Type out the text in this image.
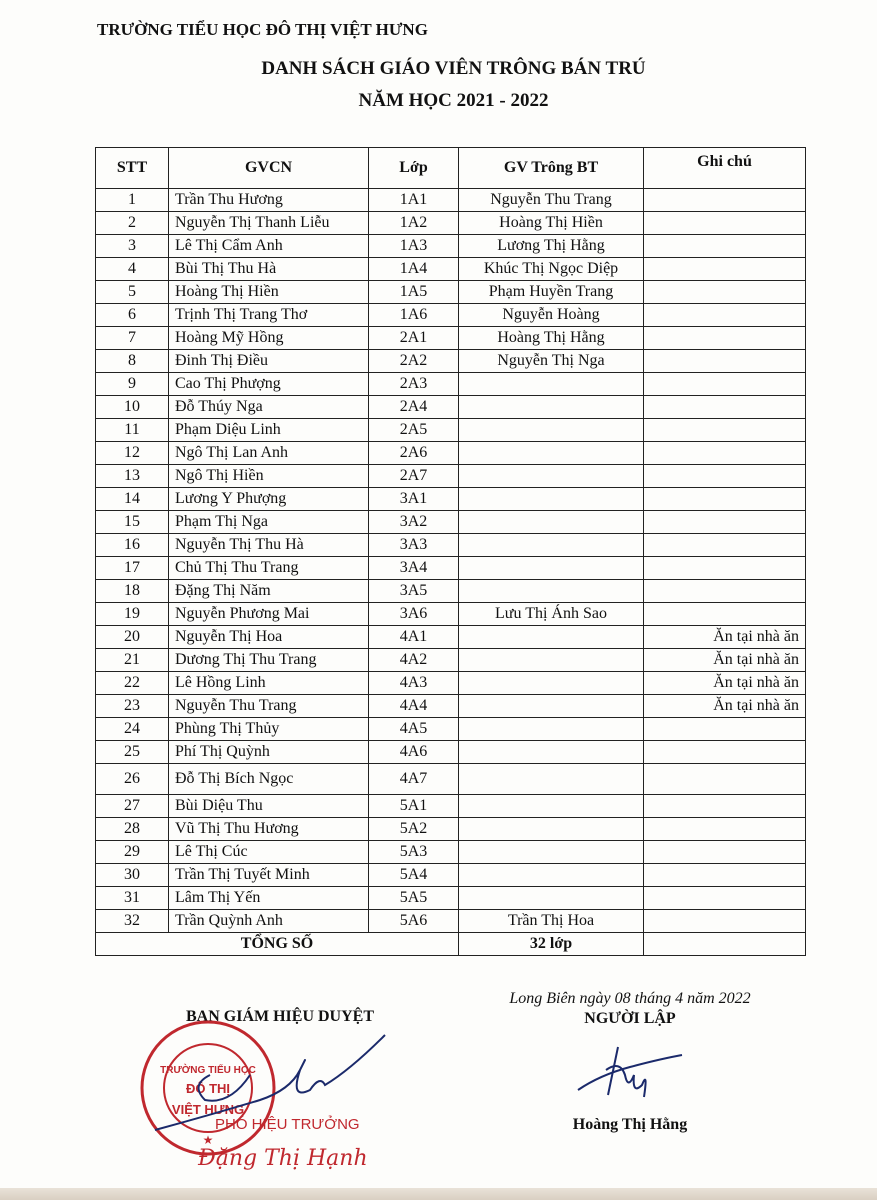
TRƯỜNG TIỂU HỌC ĐÔ THỊ VIỆT HƯNG
DANH SÁCH GIÁO VIÊN TRÔNG BÁN TRÚ
NĂM HỌC 2021 - 2022
STT	GVCN	Lớp	GV Trông BT	Ghi chú
1	Trần Thu Hương	1A1	Nguyễn Thu Trang	
2	Nguyễn Thị Thanh Liễu	1A2	Hoàng Thị Hiền	
3	Lê Thị Cẩm Anh	1A3	Lương Thị Hằng	
4	Bùi Thị Thu Hà	1A4	Khúc Thị Ngọc Diệp	
5	Hoàng Thị Hiền	1A5	Phạm Huyền Trang	
6	Trịnh Thị Trang Thơ	1A6	Nguyễn Hoàng	
7	Hoàng Mỹ Hồng	2A1	Hoàng Thị Hằng	
8	Đinh Thị Điều	2A2	Nguyễn Thị Nga	
9	Cao Thị Phượng	2A3		
10	Đỗ Thúy Nga	2A4		
11	Phạm Diệu Linh	2A5		
12	Ngô Thị Lan Anh	2A6		
13	Ngô Thị Hiền	2A7		
14	Lương Y Phượng	3A1		
15	Phạm Thị Nga	3A2		
16	Nguyễn Thị Thu Hà	3A3		
17	Chủ Thị Thu Trang	3A4		
18	Đặng Thị Năm	3A5		
19	Nguyễn Phương Mai	3A6	Lưu Thị Ánh Sao	
20	Nguyễn Thị Hoa	4A1		Ăn tại nhà ăn
21	Dương Thị Thu Trang	4A2		Ăn tại nhà ăn
22	Lê Hồng Linh	4A3		Ăn tại nhà ăn
23	Nguyễn Thu Trang	4A4		Ăn tại nhà ăn
24	Phùng Thị Thủy	4A5		
25	Phí Thị Quỳnh	4A6		
26	Đỗ Thị Bích Ngọc	4A7		
27	Bùi Diệu Thu	5A1		
28	Vũ Thị Thu Hương	5A2		
29	Lê Thị Cúc	5A3		
30	Trần Thị Tuyết Minh	5A4		
31	Lâm Thị Yến	5A5		
32	Trần Quỳnh Anh	5A6	Trần Thị Hoa	
TỔNG SỐ			32 lớp	
Long Biên ngày 08 tháng 4 năm 2022
NGƯỜI LẬP
Hoàng Thị Hằng
BAN GIÁM HIỆU DUYỆT
TRƯỜNG TIỂU HỌC
ĐÔ THỊ
VIỆT HƯNG
★
PHÓ HIỆU TRƯỞNG
Đặng Thị Hạnh
